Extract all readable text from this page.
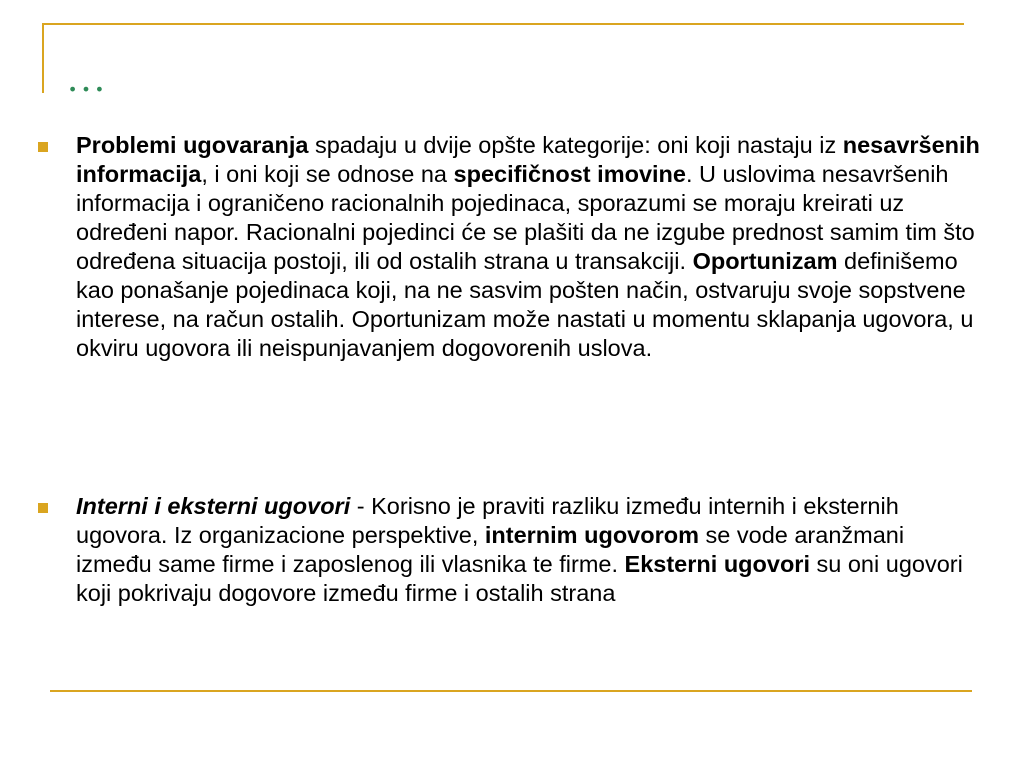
…
Problemi ugovaranja spadaju u dvije opšte kategorije: oni koji nastaju iz nesavršenih informacija, i oni koji se odnose na specifičnost imovine. U uslovima nesavršenih informacija i ograničeno racionalnih pojedinaca, sporazumi se moraju kreirati uz određeni napor. Racionalni pojedinci će se plašiti da ne izgube prednost samim tim što određena situacija postoji, ili od ostalih strana u transakciji. Oportunizam definišemo kao ponašanje pojedinaca koji, na ne sasvim pošten način, ostvaruju svoje sopstvene interese, na račun ostalih. Oportunizam može nastati u momentu sklapanja ugovora, u okviru ugovora ili neispunjavanjem dogovorenih uslova.
Interni i eksterni ugovori - Korisno je praviti razliku između internih i eksternih ugovora. Iz organizacione perspektive, internim ugovorom se vode aranžmani između same firme i zaposlenog ili vlasnika te firme. Eksterni ugovori su oni ugovori koji pokrivaju dogovore između firme i ostalih strana
